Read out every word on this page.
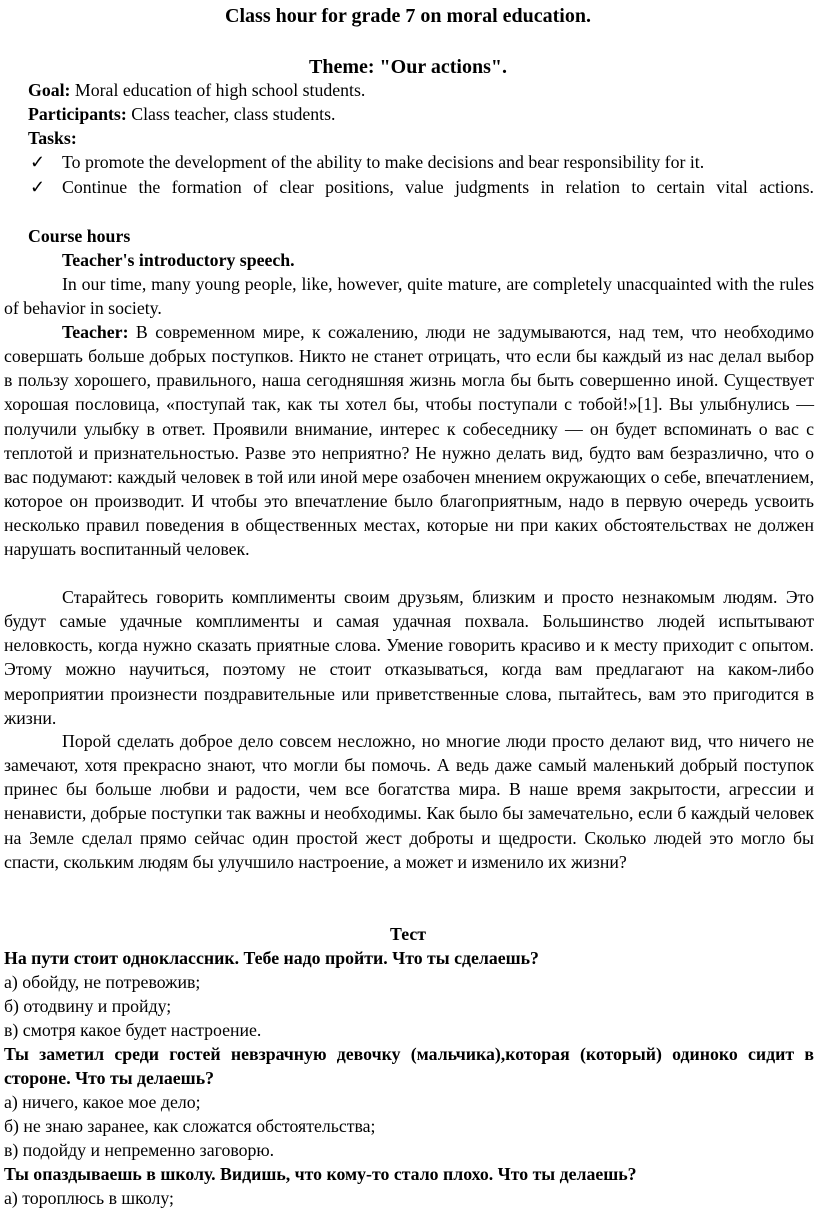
Class hour for grade 7 on moral education.
Theme: "Our actions".
Goal: Moral education of high school students.
Participants: Class teacher, class students.
Tasks:
✓ To promote the development of the ability to make decisions and bear responsibility for it.
✓ Continue the formation of clear positions, value judgments in relation to certain vital actions.
Course hours
Teacher's introductory speech.

In our time, many young people, like, however, quite mature, are completely unacquainted with the rules of behavior in society.

Teacher: В современном мире, к сожалению, люди не задумываются, над тем, что необходимо совершать больше добрых поступков. Никто не станет отрицать, что если бы каждый из нас делал выбор в пользу хорошего, правильного, наша сегодняшняя жизнь могла бы быть совершенно иной. Существует хорошая пословица, «поступай так, как ты хотел бы, чтобы поступали с тобой!»[1]. Вы улыбнулись — получили улыбку в ответ. Проявили внимание, интерес к собеседнику — он будет вспоминать о вас с теплотой и признательностью. Разве это неприятно? Не нужно делать вид, будто вам безразлично, что о вас подумают: каждый человек в той или иной мере озабочен мнением окружающих о себе, впечатлением, которое он производит. И чтобы это впечатление было благоприятным, надо в первую очередь усвоить несколько правил поведения в общественных местах, которые ни при каких обстоятельствах не должен нарушать воспитанный человек.

Старайтесь говорить комплименты своим друзьям, близким и просто незнакомым людям. Это будут самые удачные комплименты и самая удачная похвала. Большинство людей испытывают неловкость, когда нужно сказать приятные слова. Умение говорить красиво и к месту приходит с опытом. Этому можно научиться, поэтому не стоит отказываться, когда вам предлагают на каком-либо мероприятии произнести поздравительные или приветственные слова, пытайтесь, вам это пригодится в жизни.

Порой сделать доброе дело совсем несложно, но многие люди просто делают вид, что ничего не замечают, хотя прекрасно знают, что могли бы помочь. А ведь даже самый маленький добрый поступок принес бы больше любви и радости, чем все богатства мира. В наше время закрытости, агрессии и ненависти, добрые поступки так важны и необходимы. Как было бы замечательно, если б каждый человек на Земле сделал прямо сейчас один простой жест доброты и щедрости. Сколько людей это могло бы спасти, скольким людям бы улучшило настроение, а может и изменило их жизни?

Тест
На пути стоит одноклассник. Тебе надо пройти. Что ты сделаешь?
а) обойду, не потревожив;
б) отодвину и пройду;
в) смотря какое будет настроение.
Ты заметил среди гостей невзрачную девочку (мальчика),которая (который) одиноко сидит в стороне. Что ты делаешь?
а) ничего, какое мое дело;
б) не знаю заранее, как сложатся обстоятельства;
в) подойду и непременно заговорю.
Ты опаздываешь в школу. Видишь, что кому-то стало плохо. Что ты делаешь?
а) тороплюсь в школу;
